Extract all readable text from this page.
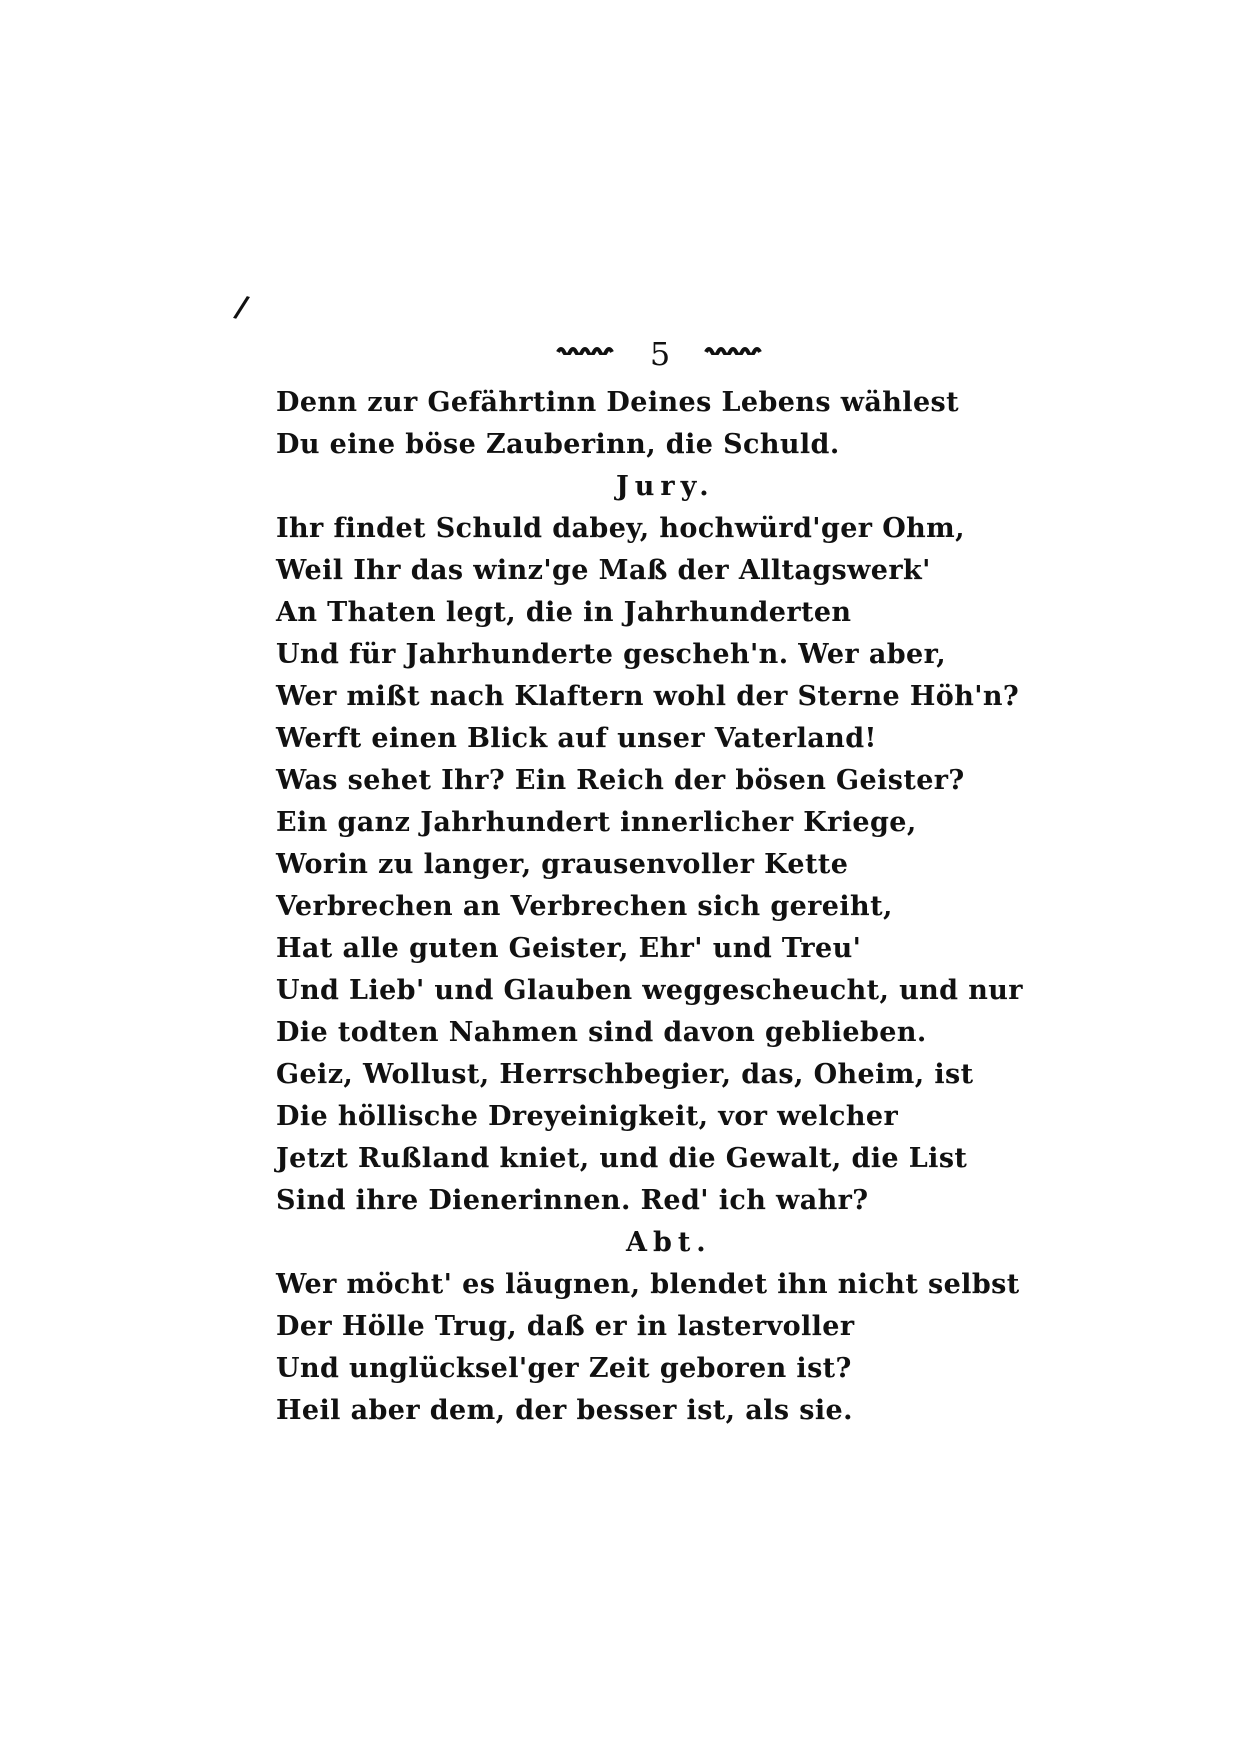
/
5
Denn zur Gefährtinn Deines Lebens wählest
Du eine böse Zauberinn, die Schuld.
Jury.
Ihr findet Schuld dabey, hochwürd'ger Ohm,
Weil Ihr das winz'ge Maß der Alltagswerk'
An Thaten legt, die in Jahrhunderten
Und für Jahrhunderte gescheh'n. Wer aber,
Wer mißt nach Klaftern wohl der Sterne Höh'n?
Werft einen Blick auf unser Vaterland!
Was sehet Ihr? Ein Reich der bösen Geister?
Ein ganz Jahrhundert innerlicher Kriege,
Worin zu langer, grausenvoller Kette
Verbrechen an Verbrechen sich gereiht,
Hat alle guten Geister, Ehr' und Treu'
Und Lieb' und Glauben weggescheucht, und nur
Die todten Nahmen sind davon geblieben.
Geiz, Wollust, Herrschbegier, das, Oheim, ist
Die höllische Dreyeinigkeit, vor welcher
Jetzt Rußland kniet, und die Gewalt, die List
Sind ihre Dienerinnen. Red' ich wahr?
Abt.
Wer möcht' es läugnen, blendet ihn nicht selbst
Der Hölle Trug, daß er in lastervoller
Und unglücksel'ger Zeit geboren ist?
Heil aber dem, der besser ist, als sie.
